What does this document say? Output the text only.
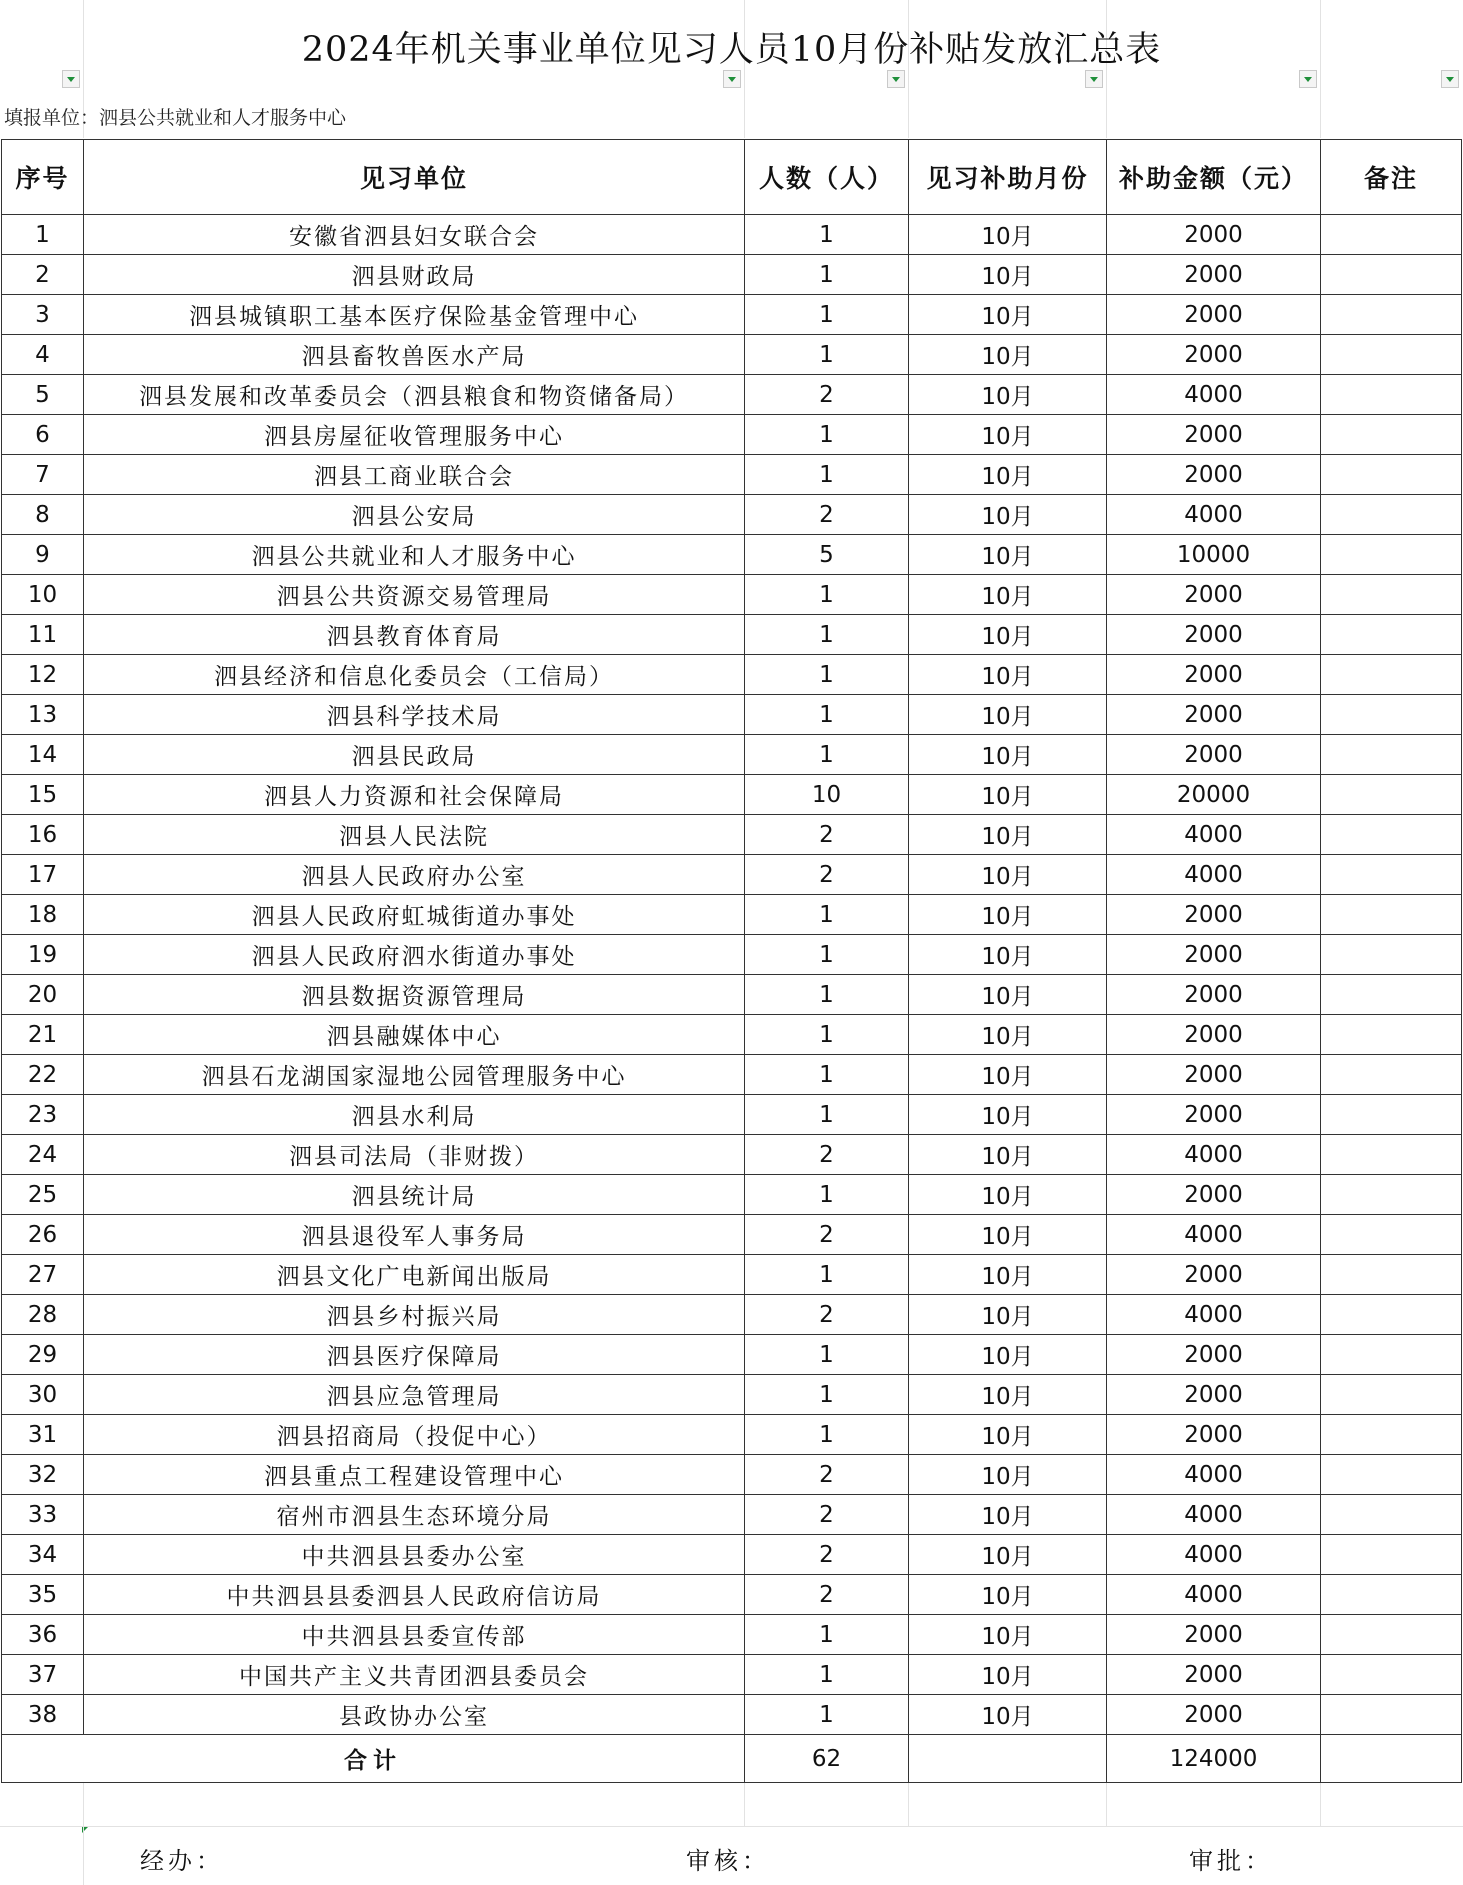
2024年机关事业单位见习人员10月份补贴发放汇总表
填报单位：泗县公共就业和人才服务中心
序号	见习单位	人数（人）	见习补助月份	补助金额（元）	备注
1	安徽省泗县妇女联合会	1	10月	2000	
2	泗县财政局	1	10月	2000	
3	泗县城镇职工基本医疗保险基金管理中心	1	10月	2000	
4	泗县畜牧兽医水产局	1	10月	2000	
5	泗县发展和改革委员会（泗县粮食和物资储备局）	2	10月	4000	
6	泗县房屋征收管理服务中心	1	10月	2000	
7	泗县工商业联合会	1	10月	2000	
8	泗县公安局	2	10月	4000	
9	泗县公共就业和人才服务中心	5	10月	10000	
10	泗县公共资源交易管理局	1	10月	2000	
11	泗县教育体育局	1	10月	2000	
12	泗县经济和信息化委员会（工信局）	1	10月	2000	
13	泗县科学技术局	1	10月	2000	
14	泗县民政局	1	10月	2000	
15	泗县人力资源和社会保障局	10	10月	20000	
16	泗县人民法院	2	10月	4000	
17	泗县人民政府办公室	2	10月	4000	
18	泗县人民政府虹城街道办事处	1	10月	2000	
19	泗县人民政府泗水街道办事处	1	10月	2000	
20	泗县数据资源管理局	1	10月	2000	
21	泗县融媒体中心	1	10月	2000	
22	泗县石龙湖国家湿地公园管理服务中心	1	10月	2000	
23	泗县水利局	1	10月	2000	
24	泗县司法局（非财拨）	2	10月	4000	
25	泗县统计局	1	10月	2000	
26	泗县退役军人事务局	2	10月	4000	
27	泗县文化广电新闻出版局	1	10月	2000	
28	泗县乡村振兴局	2	10月	4000	
29	泗县医疗保障局	1	10月	2000	
30	泗县应急管理局	1	10月	2000	
31	泗县招商局（投促中心）	1	10月	2000	
32	泗县重点工程建设管理中心	2	10月	4000	
33	宿州市泗县生态环境分局	2	10月	4000	
34	中共泗县县委办公室	2	10月	4000	
35	中共泗县县委泗县人民政府信访局	2	10月	4000	
36	中共泗县县委宣传部	1	10月	2000	
37	中国共产主义共青团泗县委员会	1	10月	2000	
38	县政协办公室	1	10月	2000	
合计		62		124000	
经办：	审核：	审批：
